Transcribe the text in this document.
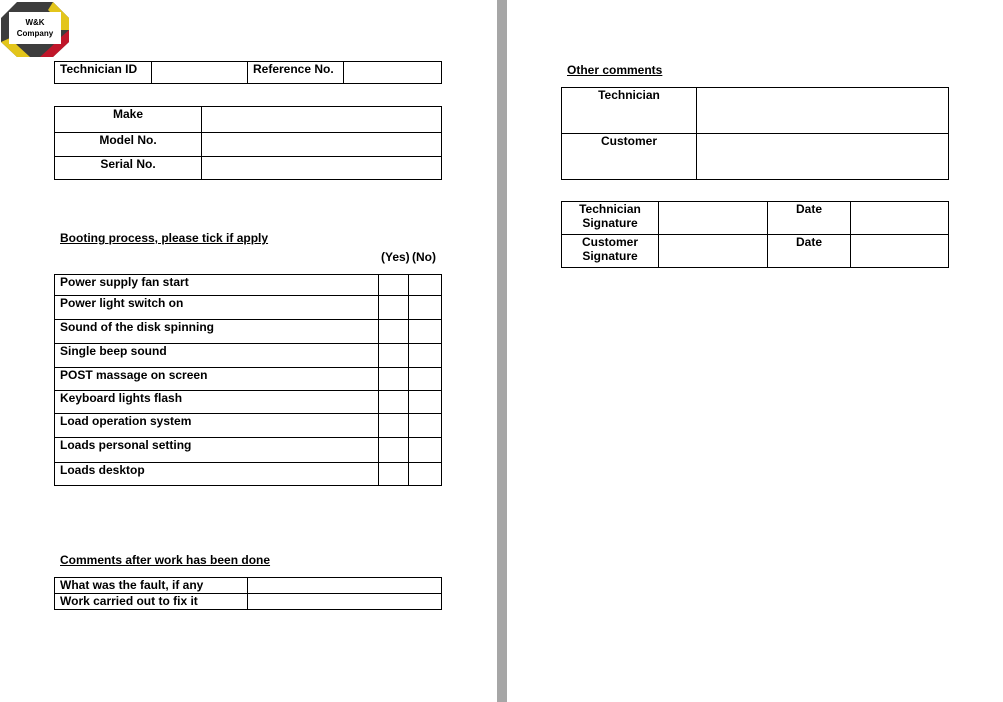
W&K
Company
Technician ID		Reference No.	
Make	
Model No.	
Serial No.	
Booting process, please tick if apply
(Yes) (No)
Power supply fan start		
Power light switch on		
Sound of the disk spinning		
Single beep sound		
POST massage on screen		
Keyboard lights flash		
Load operation system		
Loads personal setting		
Loads desktop		
Comments after work has been done
What was the fault, if any	
Work carried out to fix it	
Other comments
Technician	
Customer	
Technician
Signature		Date	

Customer
Signature		Date	
